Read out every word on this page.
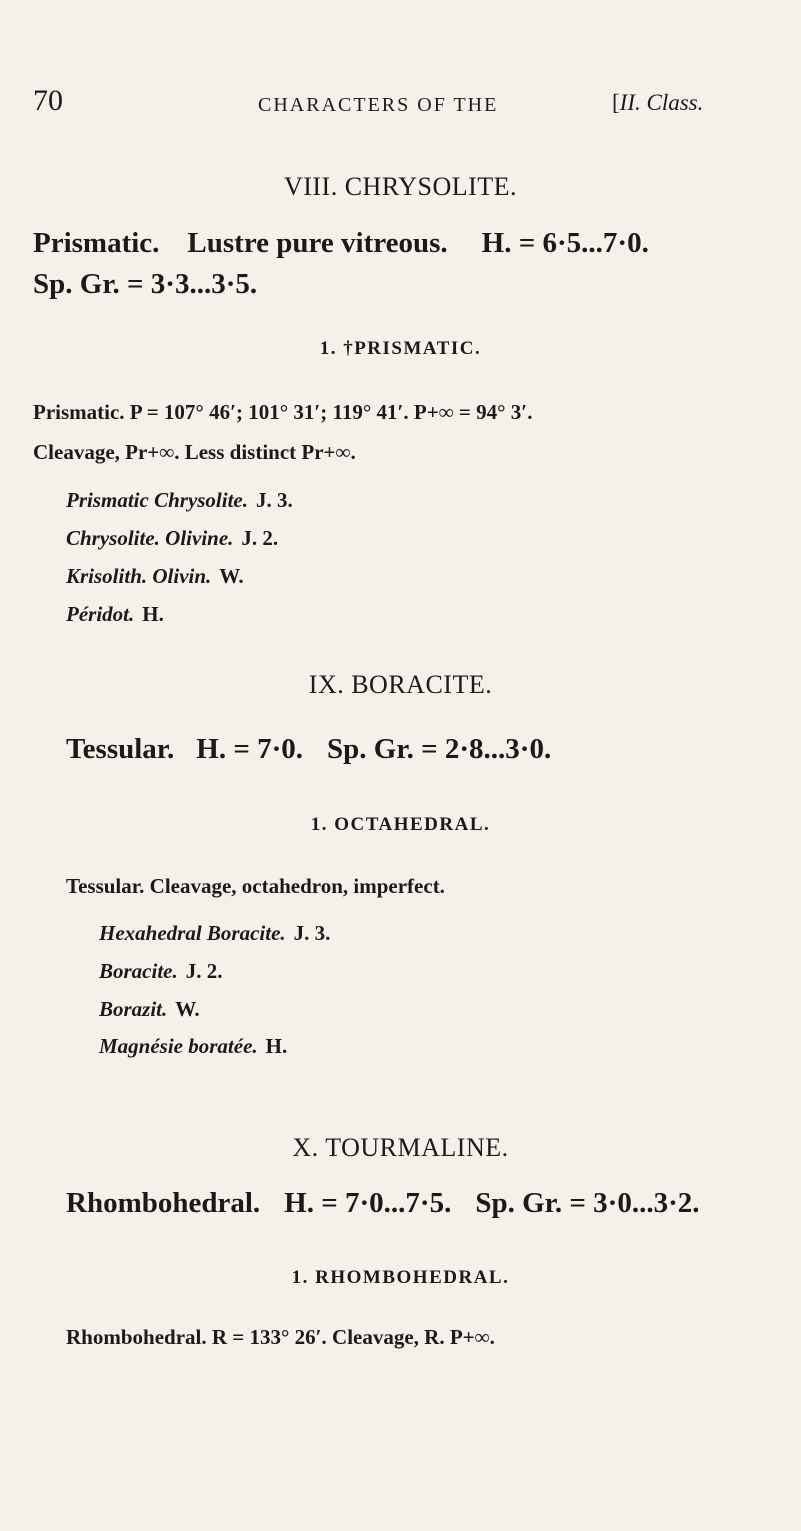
70	CHARACTERS OF THE	[II. Class.
VIII. CHRYSOLITE.
Prismatic. Lustre pure vitreous. H. = 6·5...7·0.
Sp. Gr. = 3·3...3·5.
1. †PRISMATIC.
Prismatic. P = 107° 46′; 101° 31′; 119° 41′. P+∞ = 94° 3′.
Cleavage, Pr+∞. Less distinct Pr+∞.
Prismatic Chrysolite. J. 3.
Chrysolite. Olivine. J. 2.
Krisolith. Olivin. W.
Péridot. H.
IX. BORACITE.
Tessular. H. = 7·0. Sp. Gr. = 2·8...3·0.
1. OCTAHEDRAL.
Tessular. Cleavage, octahedron, imperfect.
Hexahedral Boracite. J. 3.
Boracite. J. 2.
Borazit. W.
Magnésie boratée. H.
X. TOURMALINE.
Rhombohedral. H. = 7·0...7·5. Sp. Gr. = 3·0...3·2.
1. RHOMBOHEDRAL.
Rhombohedral. R = 133° 26′. Cleavage, R. P+∞.
